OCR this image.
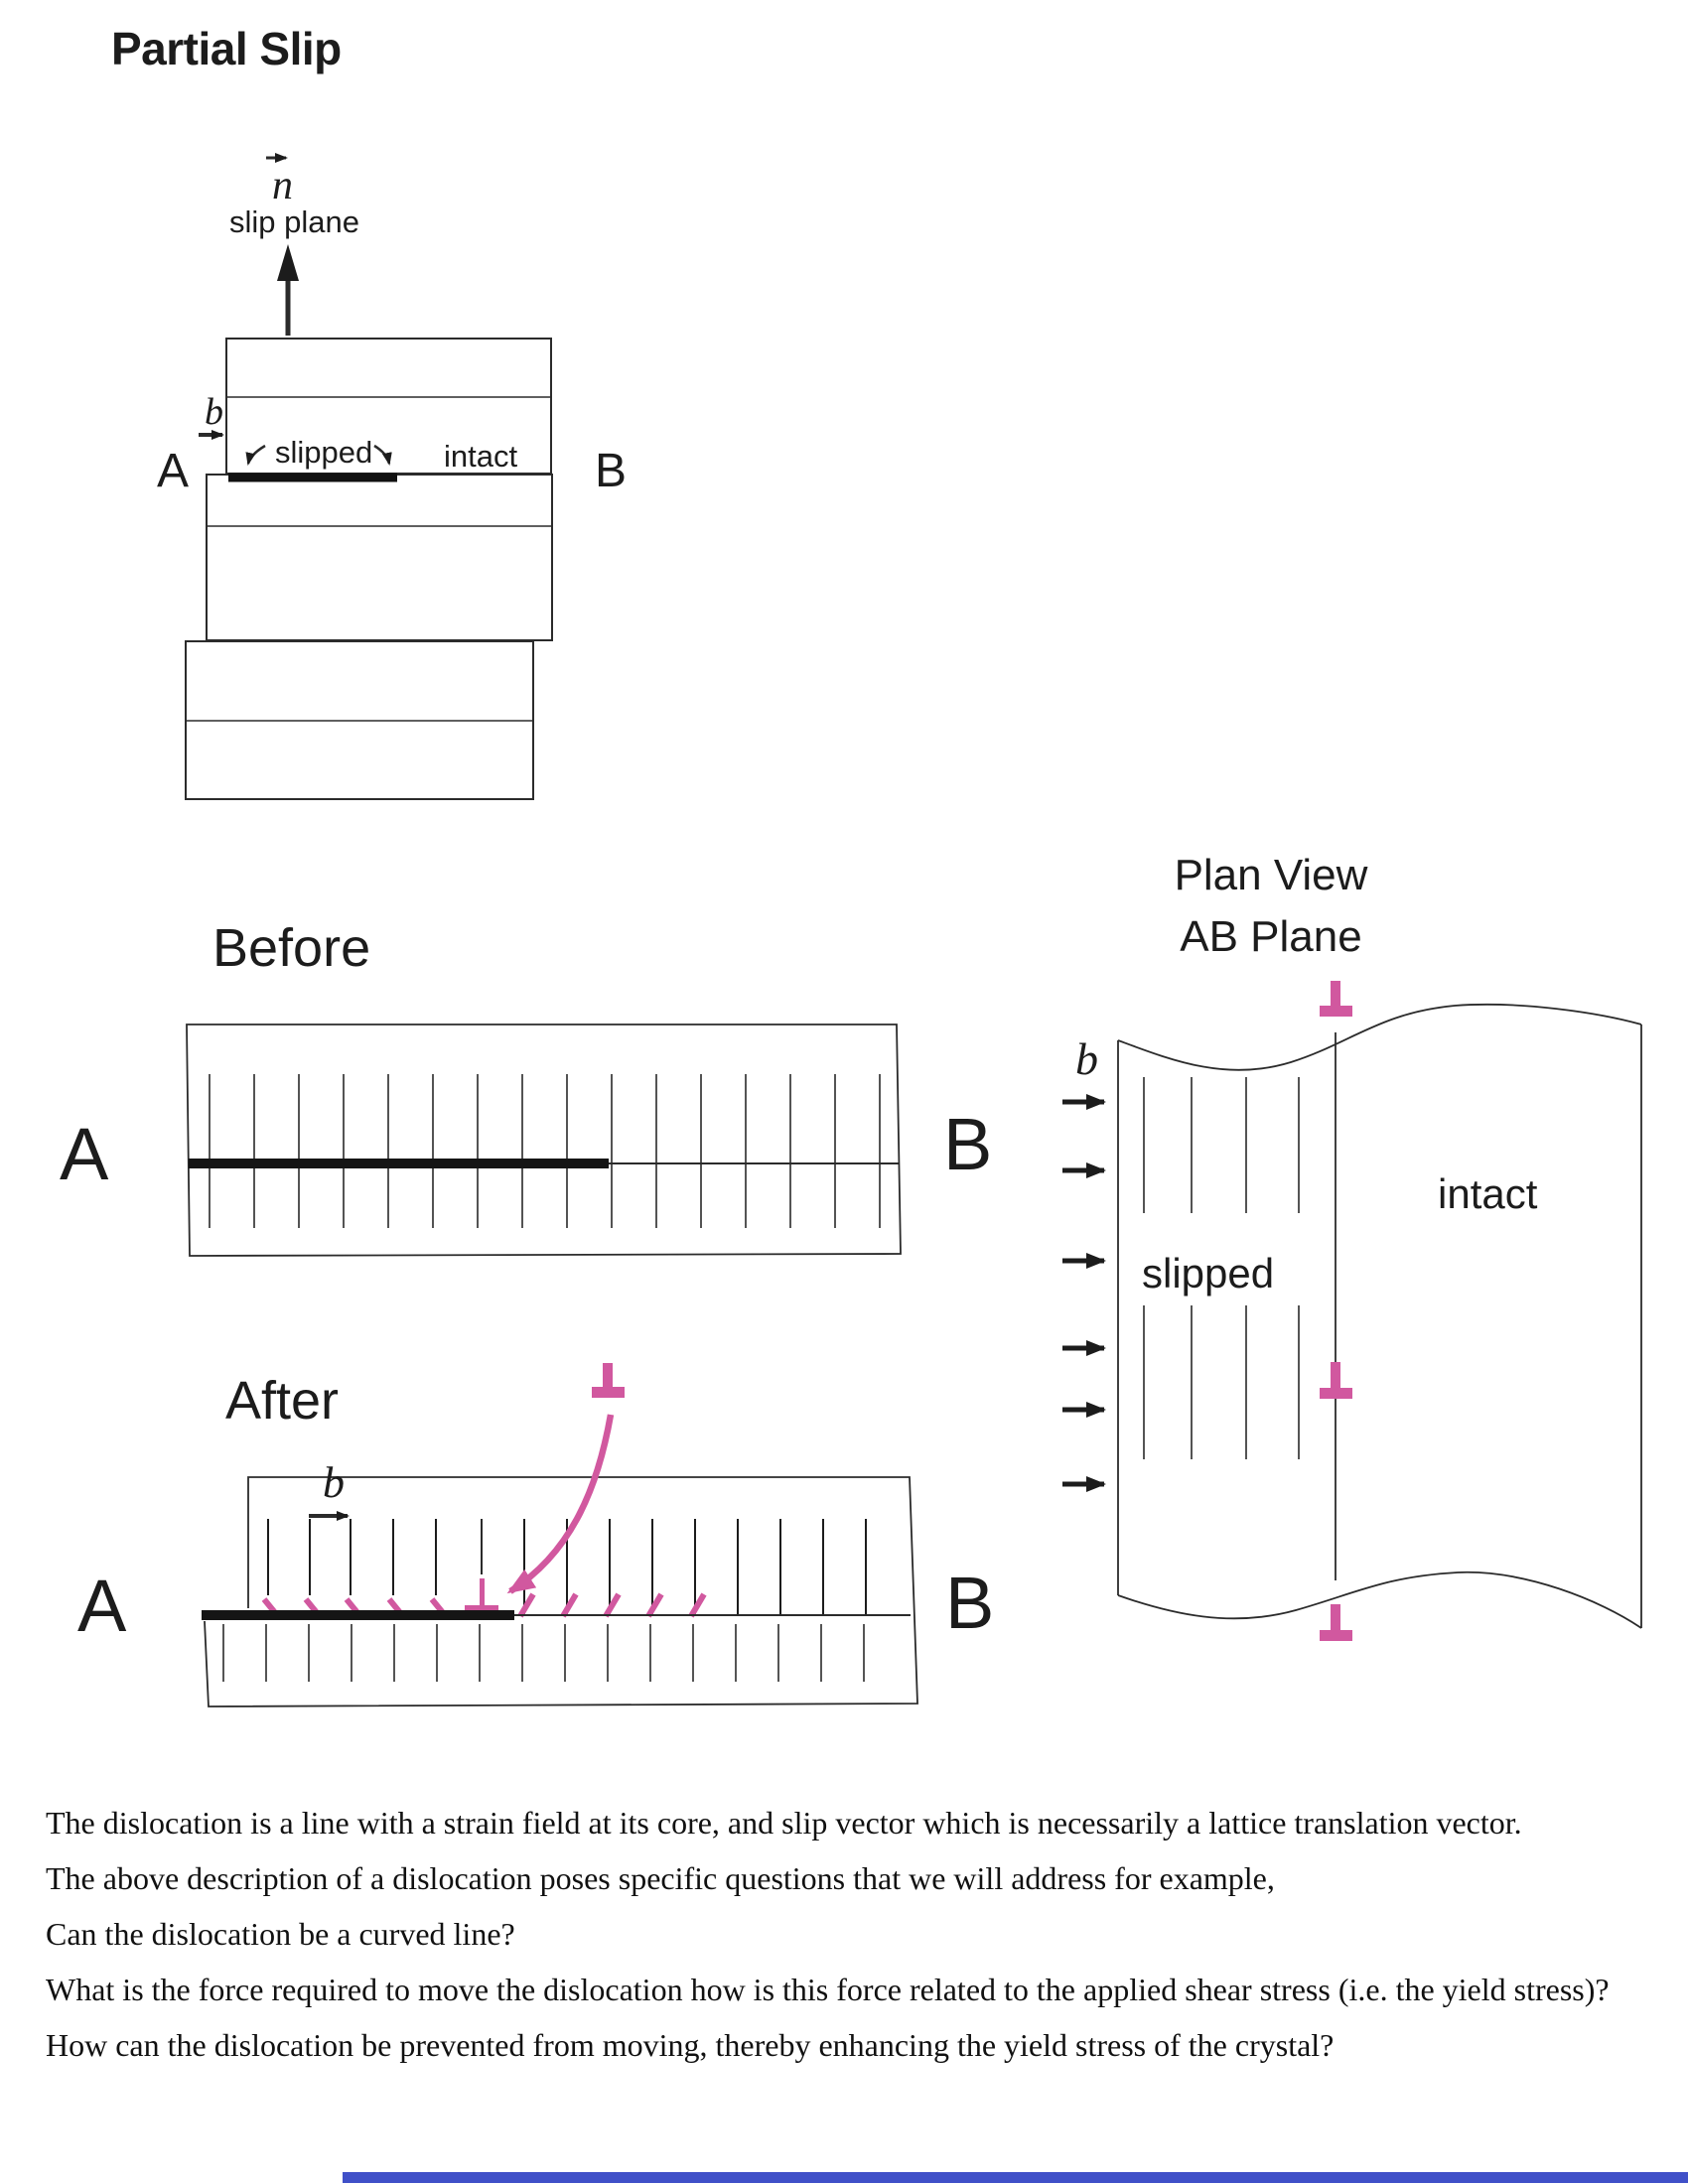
Partial Slip
n
slip plane
b
slipped intact
A	B
Before
A	B
After
b
A	B
Plan View
AB Plane
b
slipped
intact
The dislocation is a line with a strain field at its core, and slip vector which is necessarily a lattice translation vector.
The above description of a dislocation poses specific questions that we will address for example,
Can the dislocation be a curved line?
What is the force required to move the dislocation how is this force related to the applied shear stress (i.e. the yield stress)?
How can the dislocation be prevented from moving, thereby enhancing the yield stress of the crystal?
